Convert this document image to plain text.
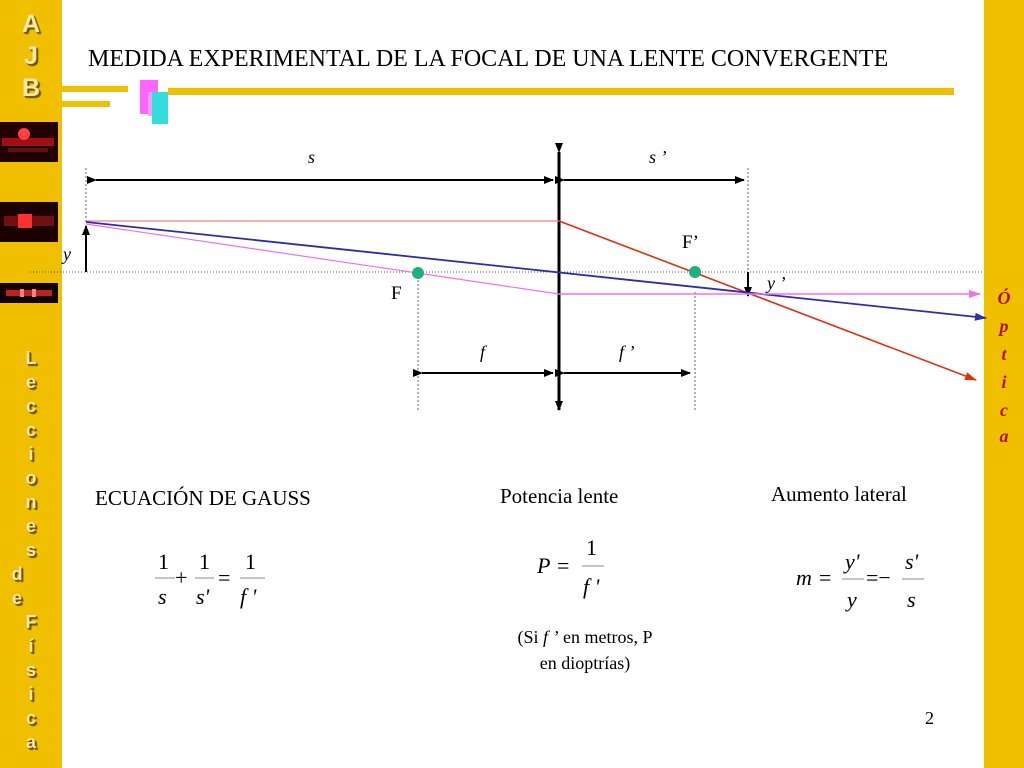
A
J
B
L
e
c
c
i
o
n
e
s
d
e
F
í
s
i
c
a
Ó
p
t
i
c
a
MEDIDA EXPERIMENTAL DE LA FOCAL DE UNA LENTE CONVERGENTE
s	s ’
y
y ’
F
F’
f	f ’
1
s
+
1
s'
=
1
f '
P =
1
f '	m =
y'
y
=−
s'
s
ECUACIÓN DE GAUSS	Potencia lente	Aumento lateral
(Si f ’ en metros, P
en dioptrías)
2
